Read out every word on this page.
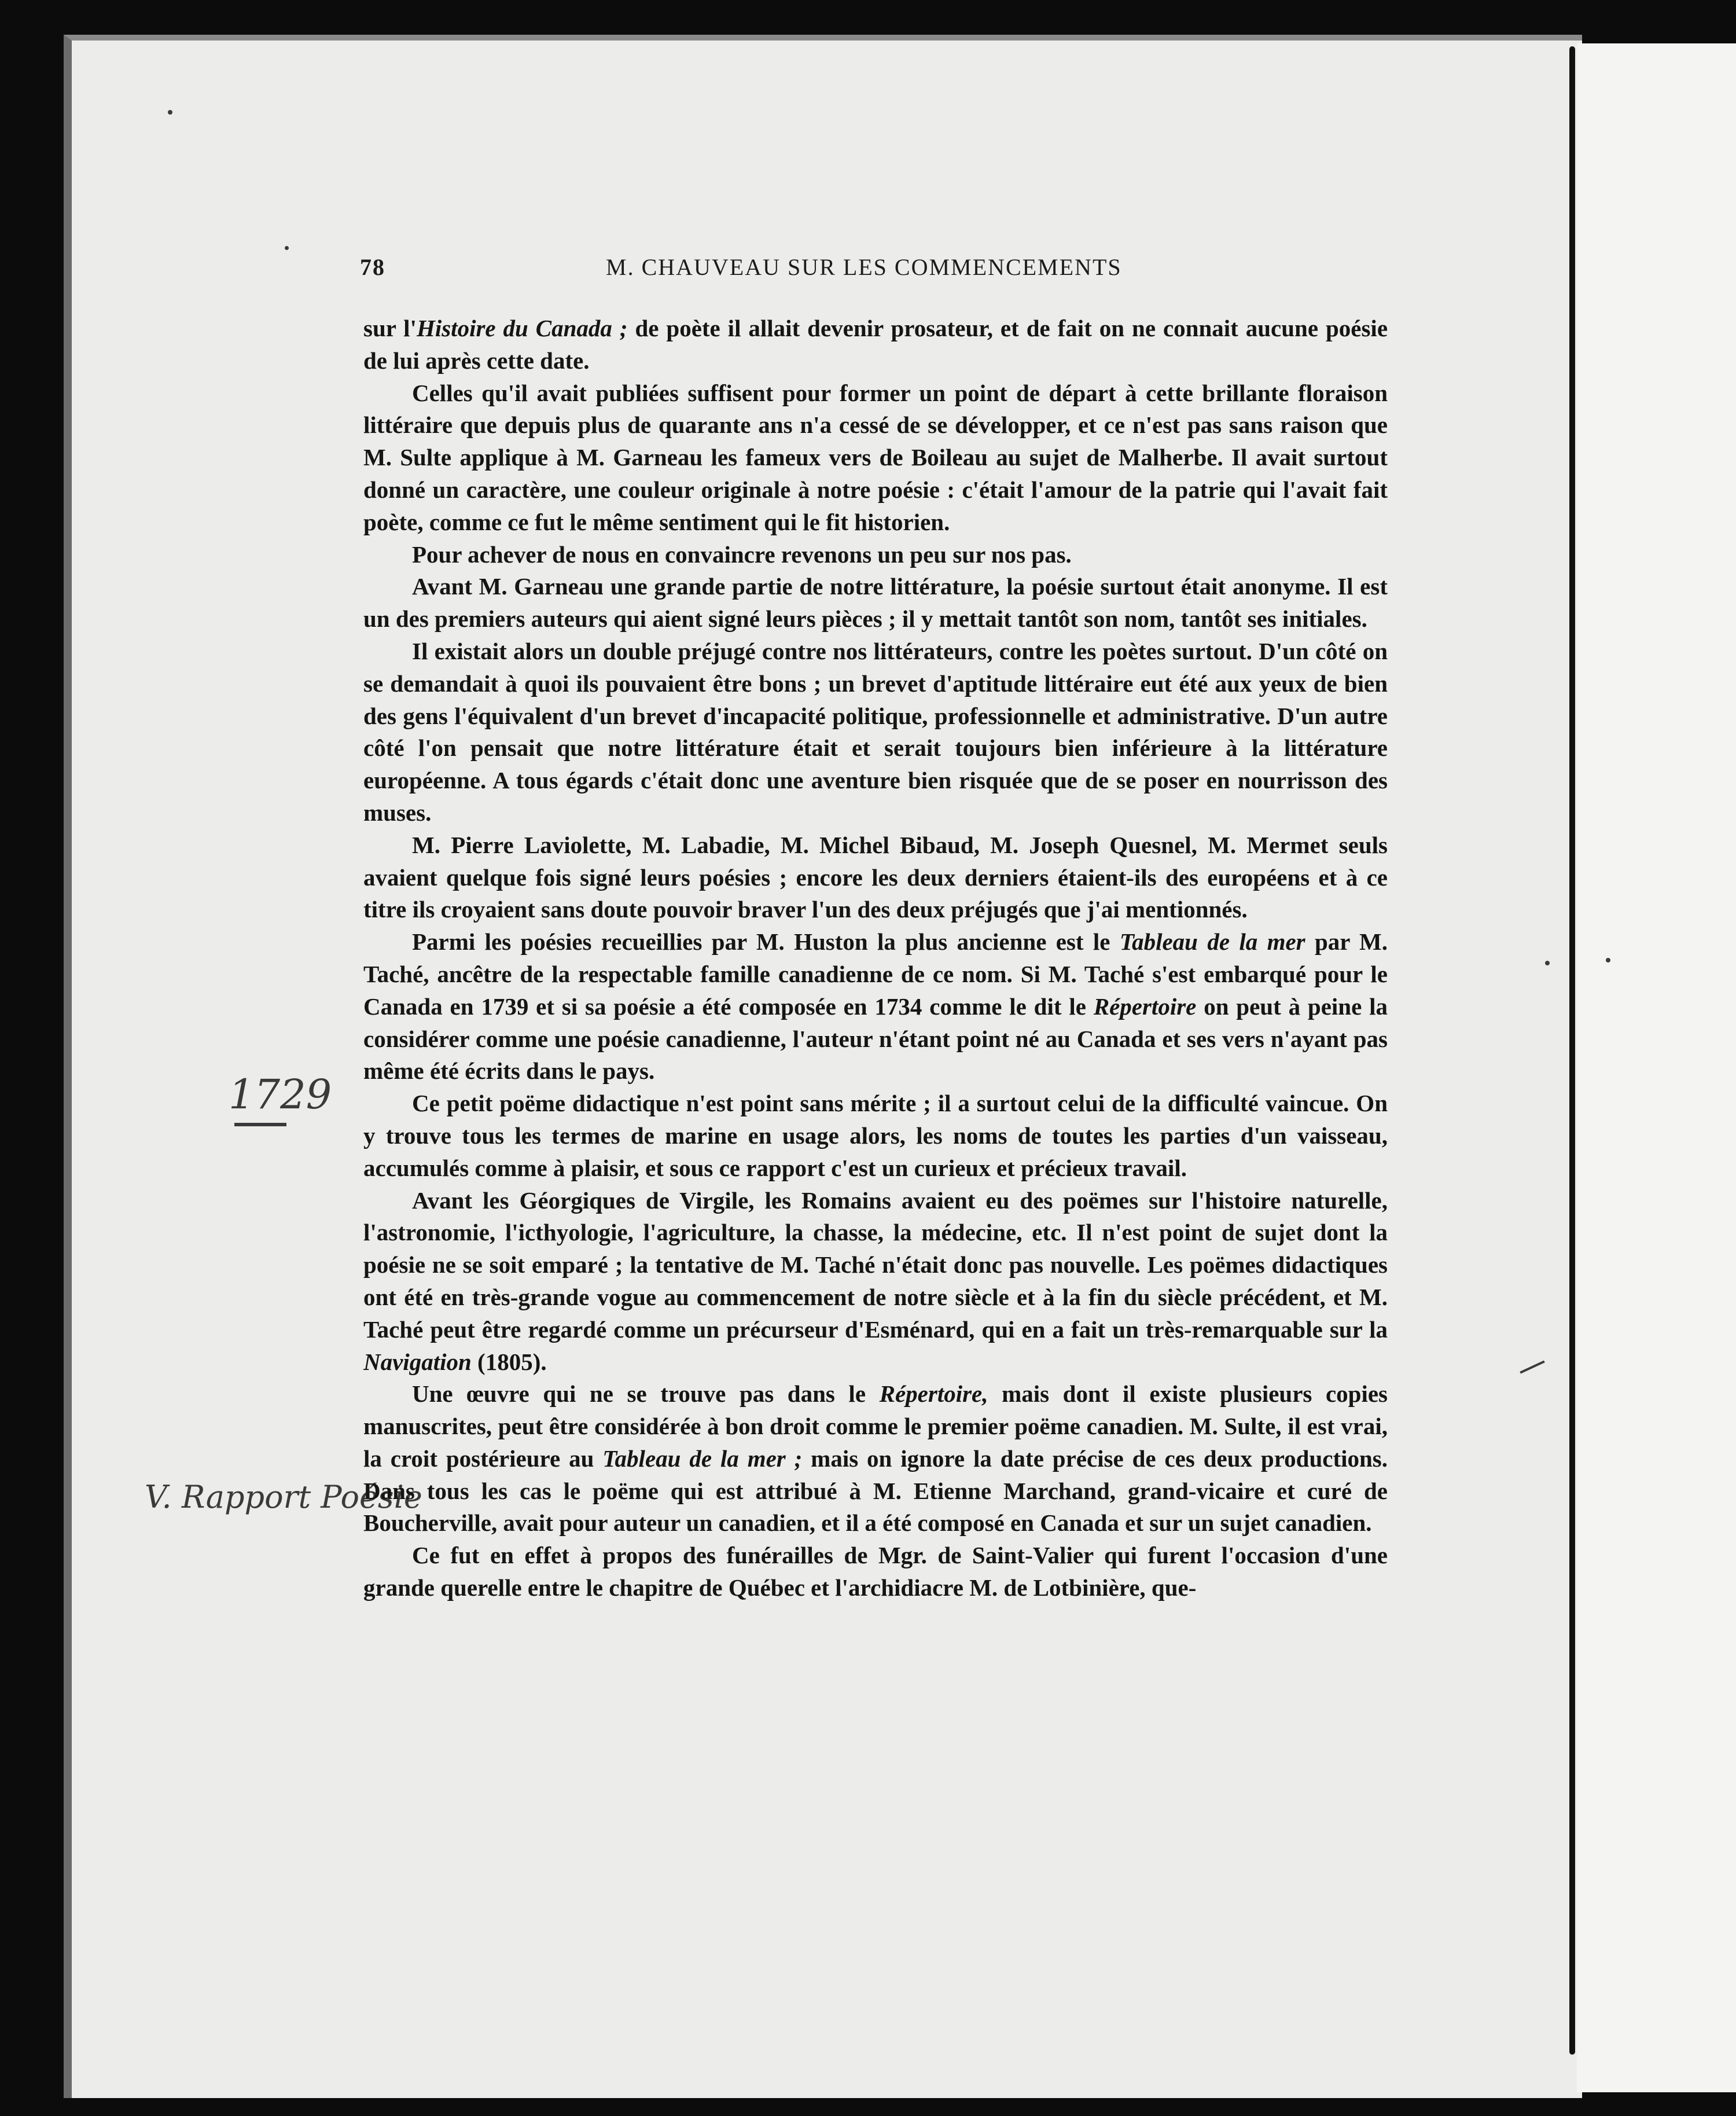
78	M. CHAUVEAU SUR LES COMMENCEMENTS
1729
V. Rapport Poésie

sur l'Histoire du Canada ; de poète il allait devenir prosateur, et de fait on ne connait aucune poésie de lui après cette date.

Celles qu'il avait publiées suffisent pour former un point de départ à cette brillante floraison littéraire que depuis plus de quarante ans n'a cessé de se développer, et ce n'est pas sans raison que M. Sulte applique à M. Garneau les fameux vers de Boileau au sujet de Malherbe. Il avait surtout donné un caractère, une couleur originale à notre poésie : c'était l'amour de la patrie qui l'avait fait poète, comme ce fut le même sentiment qui le fit historien.

Pour achever de nous en convaincre revenons un peu sur nos pas.

Avant M. Garneau une grande partie de notre littérature, la poésie surtout était anonyme. Il est un des premiers auteurs qui aient signé leurs pièces ; il y mettait tantôt son nom, tantôt ses initiales.

Il existait alors un double préjugé contre nos littérateurs, contre les poètes surtout. D'un côté on se demandait à quoi ils pouvaient être bons ; un brevet d'aptitude littéraire eut été aux yeux de bien des gens l'équivalent d'un brevet d'incapacité politique, professionnelle et administrative. D'un autre côté l'on pensait que notre littérature était et serait toujours bien inférieure à la littérature européenne. A tous égards c'était donc une aventure bien risquée que de se poser en nourrisson des muses.

M. Pierre Laviolette, M. Labadie, M. Michel Bibaud, M. Joseph Quesnel, M. Mermet seuls avaient quelque fois signé leurs poésies ; encore les deux derniers étaient-ils des européens et à ce titre ils croyaient sans doute pouvoir braver l'un des deux préjugés que j'ai mentionnés.

Parmi les poésies recueillies par M. Huston la plus ancienne est le Tableau de la mer par M. Taché, ancêtre de la respectable famille canadienne de ce nom. Si M. Taché s'est embarqué pour le Canada en 1739 et si sa poésie a été composée en 1734 comme le dit le Répertoire on peut à peine la considérer comme une poésie canadienne, l'auteur n'étant point né au Canada et ses vers n'ayant pas même été écrits dans le pays.

Ce petit poëme didactique n'est point sans mérite ; il a surtout celui de la difficulté vaincue. On y trouve tous les termes de marine en usage alors, les noms de toutes les parties d'un vaisseau, accumulés comme à plaisir, et sous ce rapport c'est un curieux et précieux travail.

Avant les Géorgiques de Virgile, les Romains avaient eu des poëmes sur l'histoire naturelle, l'astronomie, l'icthyologie, l'agriculture, la chasse, la médecine, etc. Il n'est point de sujet dont la poésie ne se soit emparé ; la tentative de M. Taché n'était donc pas nouvelle. Les poëmes didactiques ont été en très-grande vogue au commencement de notre siècle et à la fin du siècle précédent, et M. Taché peut être regardé comme un précurseur d'Esménard, qui en a fait un très-remarquable sur la Navigation (1805).

Une œuvre qui ne se trouve pas dans le Répertoire, mais dont il existe plusieurs copies manuscrites, peut être considérée à bon droit comme le premier poëme canadien. M. Sulte, il est vrai, la croit postérieure au Tableau de la mer ; mais on ignore la date précise de ces deux productions. Dans tous les cas le poëme qui est attribué à M. Etienne Marchand, grand-vicaire et curé de Boucherville, avait pour auteur un canadien, et il a été composé en Canada et sur un sujet canadien.

Ce fut en effet à propos des funérailles de Mgr. de Saint-Valier qui furent l'occasion d'une grande querelle entre le chapitre de Québec et l'archidiacre M. de Lotbinière, que-
